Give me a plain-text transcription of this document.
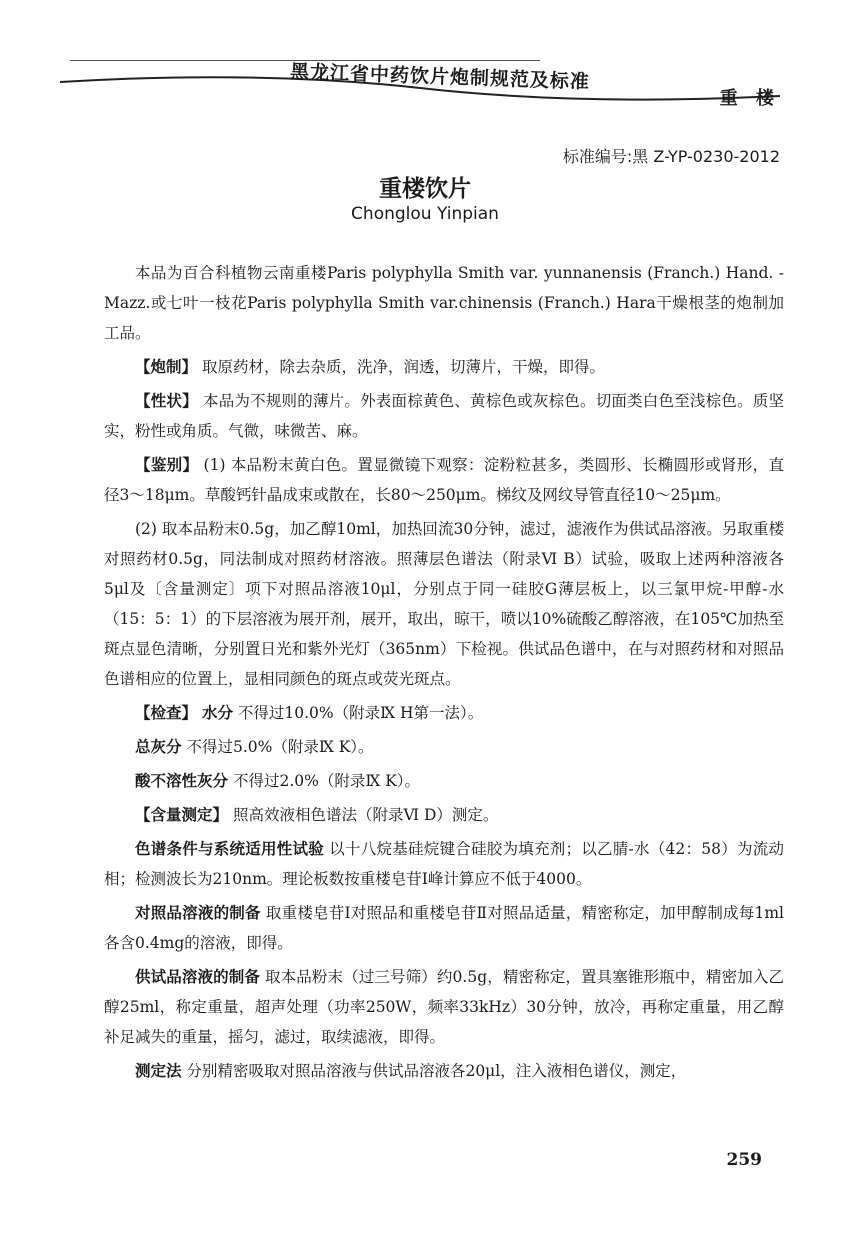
黑龙江省中药饮片炮制规范及标准
重 楼
标准编号:黑 Z-YP-0230-2012
重楼饮片
Chonglou Yinpian

本品为百合科植物云南重楼Paris polyphylla Smith var. yunnanensis (Franch.) Hand. - Mazz.或七叶一枝花Paris polyphylla Smith var.chinensis (Franch.) Hara干燥根茎的炮制加工品。

【炮制】 取原药材，除去杂质，洗净，润透，切薄片，干燥，即得。

【性状】 本品为不规则的薄片。外表面棕黄色、黄棕色或灰棕色。切面类白色至浅棕色。质坚实，粉性或角质。气微，味微苦、麻。

【鉴别】 (1) 本品粉末黄白色。置显微镜下观察：淀粉粒甚多，类圆形、长椭圆形或肾形，直径3～18μm。草酸钙针晶成束或散在，长80～250μm。梯纹及网纹导管直径10～25μm。

(2) 取本品粉末0.5g，加乙醇10ml，加热回流30分钟，滤过，滤液作为供试品溶液。另取重楼对照药材0.5g，同法制成对照药材溶液。照薄层色谱法（附录Ⅵ B）试验，吸取上述两种溶液各5μl及〔含量测定〕项下对照品溶液10μl，分别点于同一硅胶G薄层板上，以三氯甲烷-甲醇-水（15：5：1）的下层溶液为展开剂，展开，取出，晾干，喷以10%硫酸乙醇溶液，在105℃加热至斑点显色清晰，分别置日光和紫外光灯（365nm）下检视。供试品色谱中，在与对照药材和对照品色谱相应的位置上，显相同颜色的斑点或荧光斑点。

【检查】 水分 不得过10.0%（附录Ⅸ H第一法）。

总灰分 不得过5.0%（附录Ⅸ K）。

酸不溶性灰分 不得过2.0%（附录Ⅸ K）。

【含量测定】 照高效液相色谱法（附录Ⅵ D）测定。

色谱条件与系统适用性试验 以十八烷基硅烷键合硅胶为填充剂；以乙腈-水（42：58）为流动相；检测波长为210nm。理论板数按重楼皂苷Ⅰ峰计算应不低于4000。

对照品溶液的制备 取重楼皂苷Ⅰ对照品和重楼皂苷Ⅱ对照品适量，精密称定，加甲醇制成每1ml各含0.4mg的溶液，即得。

供试品溶液的制备 取本品粉末（过三号筛）约0.5g，精密称定，置具塞锥形瓶中，精密加入乙醇25ml，称定重量，超声处理（功率250W，频率33kHz）30分钟，放冷，再称定重量，用乙醇补足减失的重量，摇匀，滤过，取续滤液，即得。

测定法 分别精密吸取对照品溶液与供试品溶液各20μl，注入液相色谱仪，测定，

259
